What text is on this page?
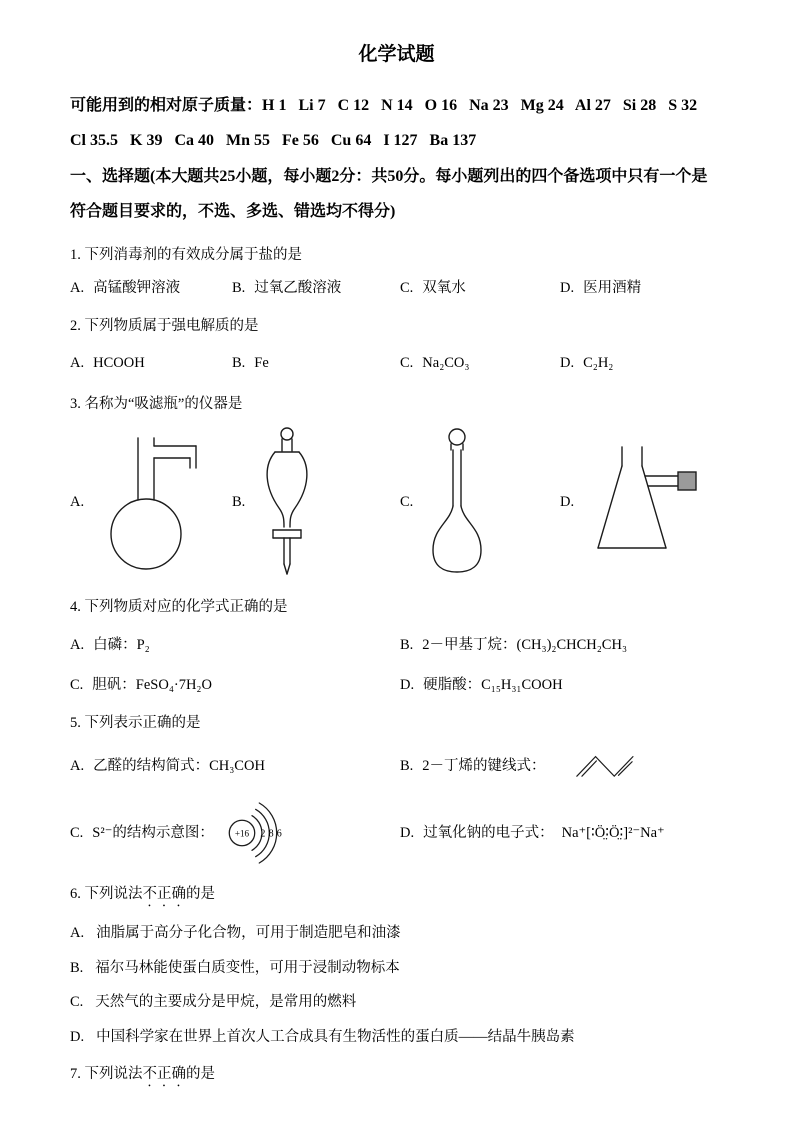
化学试题

可能用到的相对原子质量：H 1   Li 7   C 12   N 14   O 16   Na 23   Mg 24   Al 27   Si 28   S 32   Cl 35.5   K 39   Ca 40   Mn 55   Fe 56   Cu 64   I 127   Ba 137

一、选择题(本大题共25小题，每小题2分：共50分。每小题列出的四个备选项中只有一个是符合题目要求的，不选、多选、错选均不得分)

1. 下列消毒剂的有效成分属于盐的是

A. 高锰酸钾溶液	B. 过氧乙酸溶液	C. 双氧水	D. 医用酒精

2. 下列物质属于强电解质的是

A. HCOOH	B. Fe	C. Na₂CO₃	D. C₂H₂

3. 名称为“吸滤瓶”的仪器是

A.	B.	C.	D.

4. 下列物质对应的化学式正确的是

A. 白磷：P₂	B. 2－甲基丁烷：(CH₃)₂CHCH₂CH₃
C. 胆矾：FeSO₄·7H₂O	D. 硬脂酸：C₁₅H₃₁COOH

5. 下列表示正确的是

A. 乙醛的结构简式：CH₃COH	B. 2－丁烯的键线式：
C. S²⁻的结构示意图： +16 2 8 6	D. 过氧化钠的电子式： Na⁺[∶Ö̤∶Ö̤∶]²⁻Na⁺

6. 下列说法不正确的是

A. 油脂属于高分子化合物，可用于制造肥皂和油漆

B. 福尔马林能使蛋白质变性，可用于浸制动物标本

C. 天然气的主要成分是甲烷，是常用的燃料

D. 中国科学家在世界上首次人工合成具有生物活性的蛋白质——结晶牛胰岛素

7. 下列说法不正确的是
